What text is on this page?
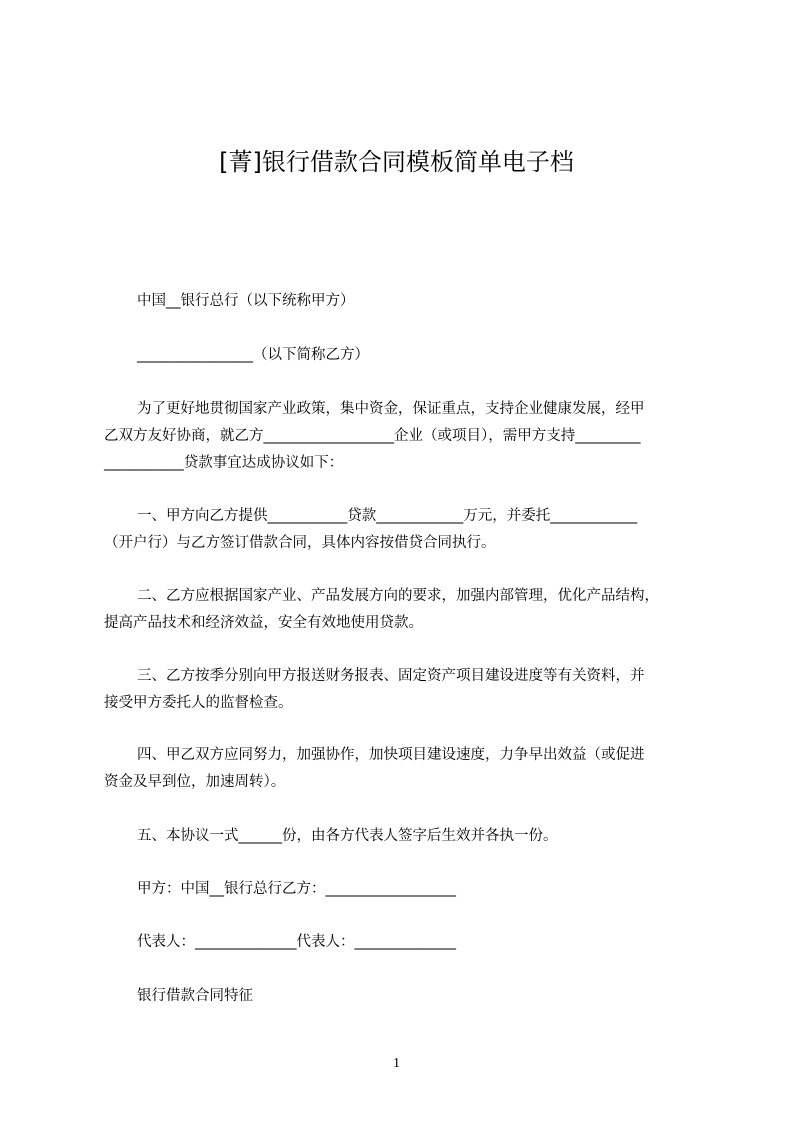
[菁]银行借款合同模板简单电子档
中国__银行总行（以下统称甲方）
________________（以下简称乙方）
为了更好地贯彻国家产业政策，集中资金，保证重点，支持企业健康发展，经甲
乙双方友好协商，就乙方__________________企业（或项目），需甲方支持_________
___________贷款事宜达成协议如下：
一、甲方向乙方提供___________贷款____________万元，并委托____________
（开户行）与乙方签订借款合同，具体内容按借贷合同执行。
二、乙方应根据国家产业、产品发展方向的要求，加强内部管理，优化产品结构，
提高产品技术和经济效益，安全有效地使用贷款。
三、乙方按季分别向甲方报送财务报表、固定资产项目建设进度等有关资料，并
接受甲方委托人的监督检查。
四、甲乙双方应同努力，加强协作，加快项目建设速度，力争早出效益（或促进
资金及早到位，加速周转）。
五、本协议一式______份，由各方代表人签字后生效并各执一份。
甲方：中国__银行总行乙方：__________________
代表人：______________代表人：______________
银行借款合同特征
1
